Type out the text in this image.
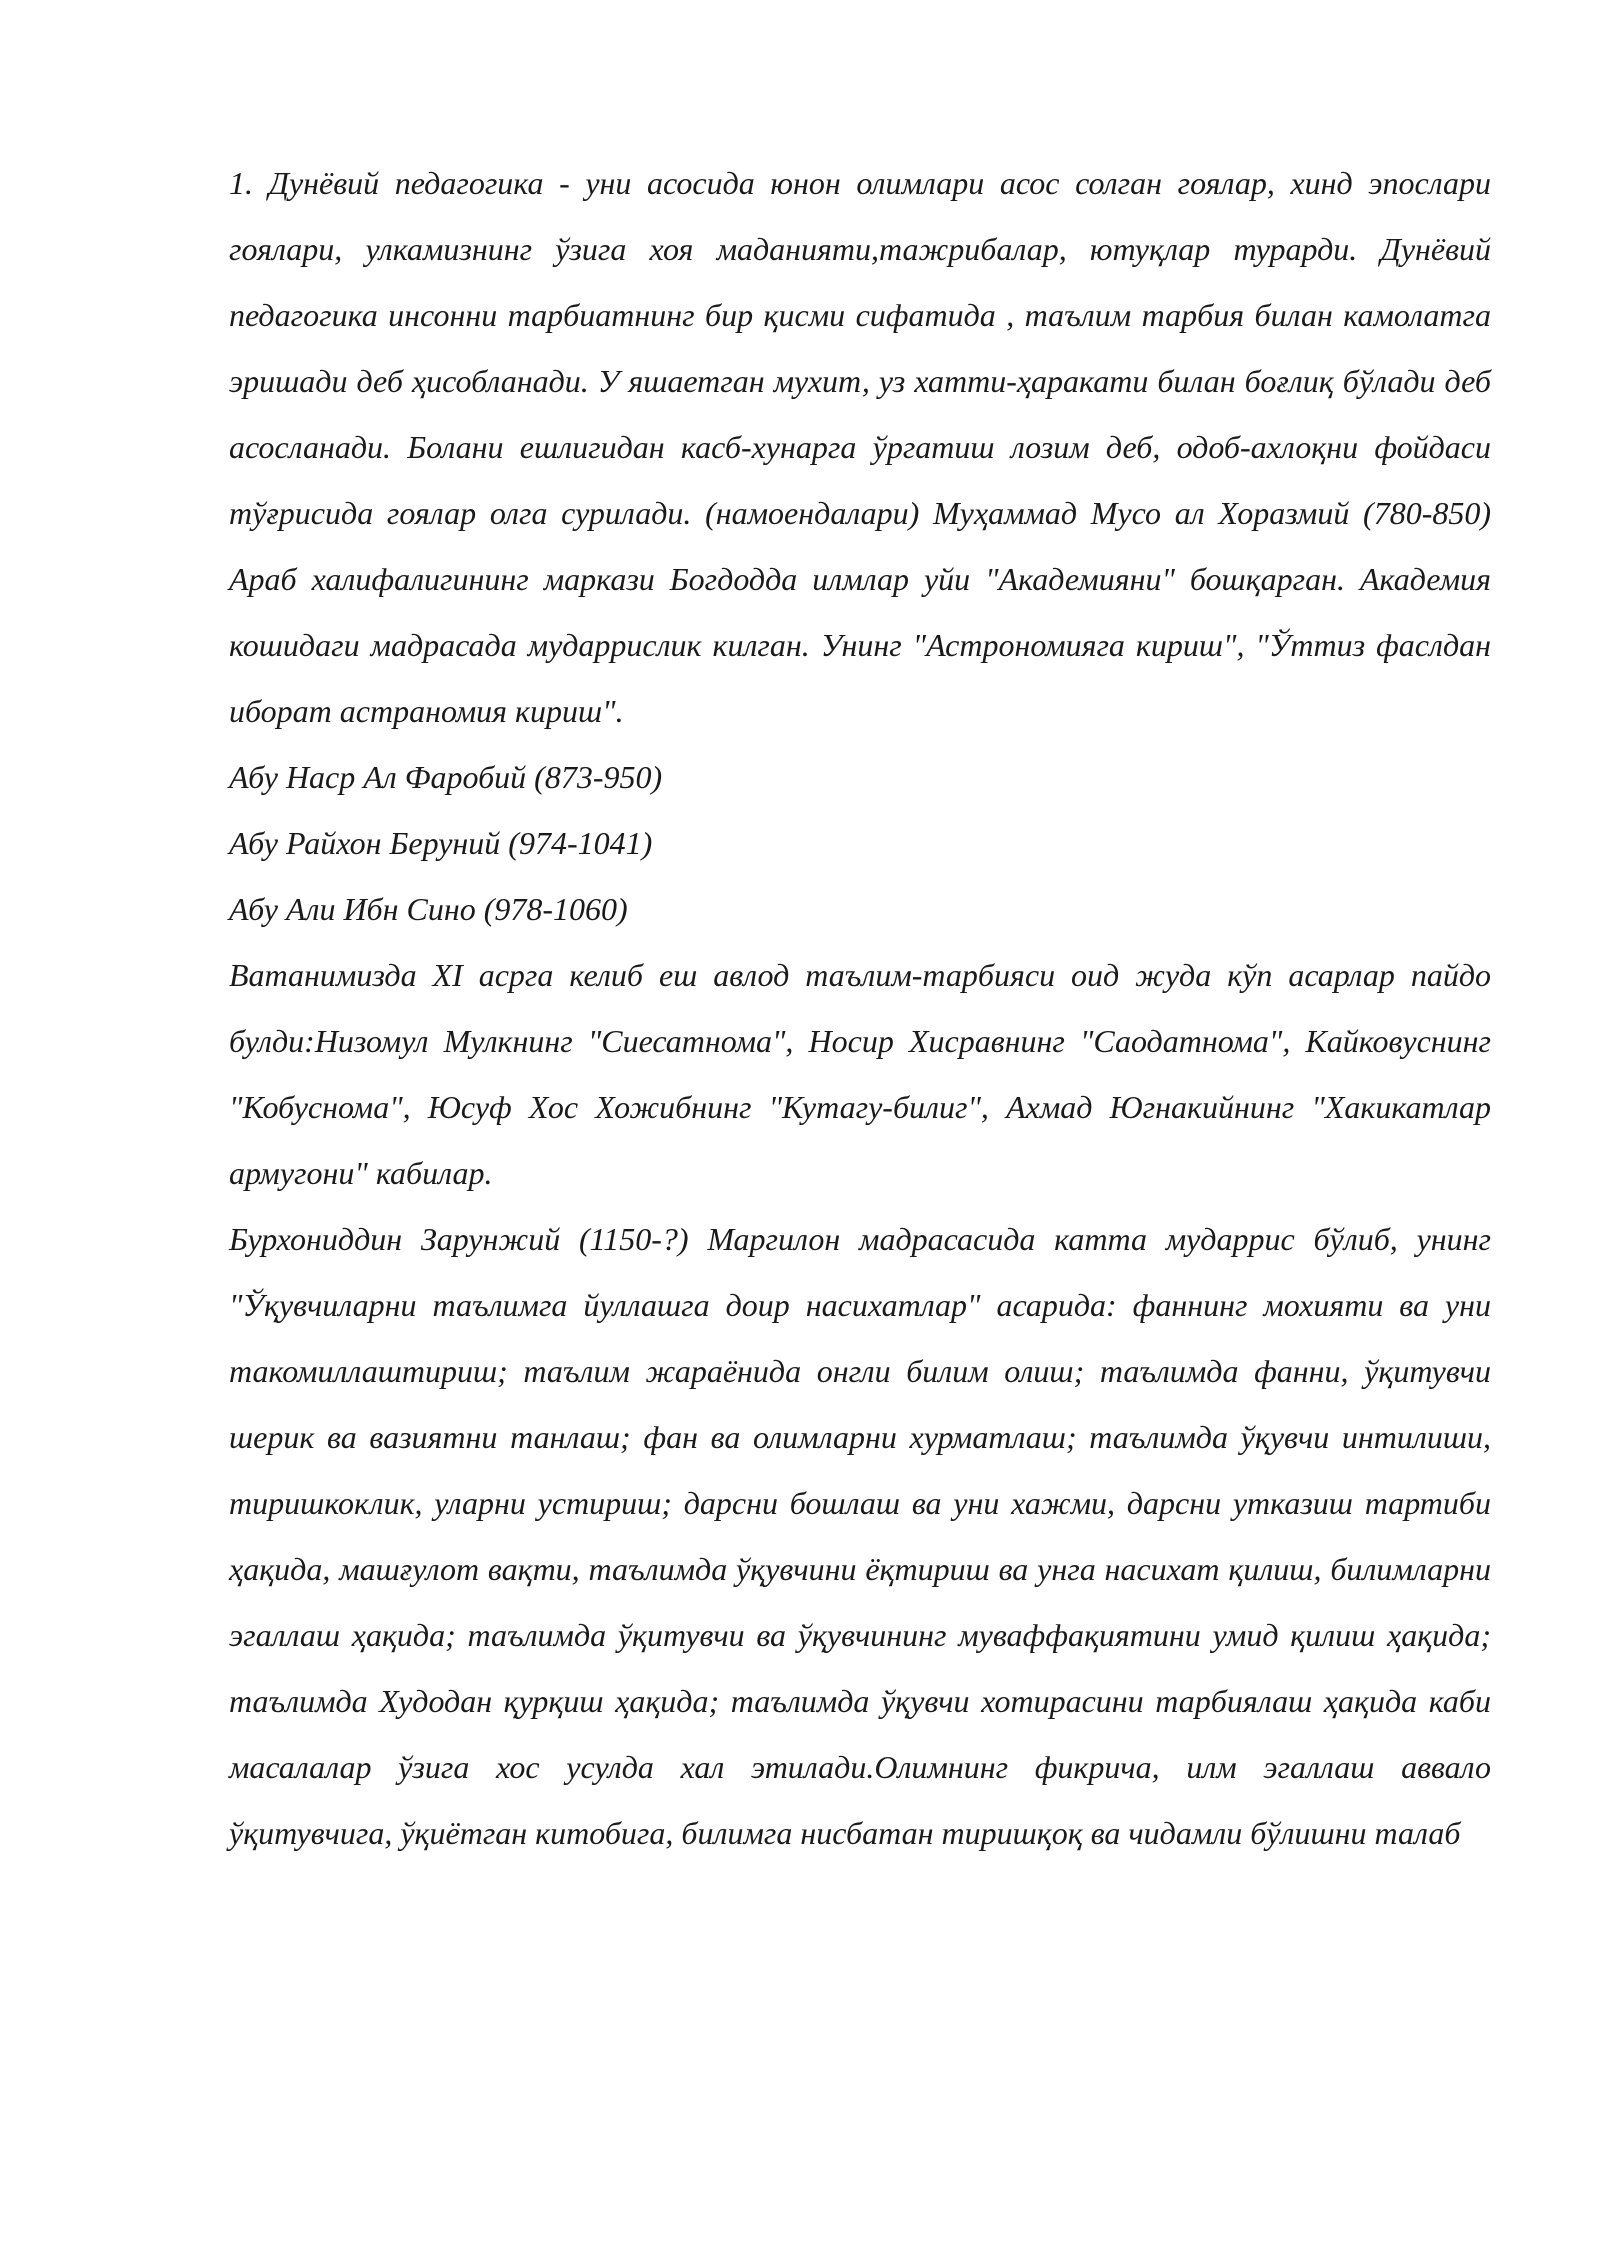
1. Дунёвий педагогика - уни асосида юнон олимлари асос солган гоялар, хинд эпослари гоялари, улкамизнинг ўзига хоя маданияти,тажрибалар, ютуқлар турарди. Дунёвий педагогика инсонни тарбиатнинг бир қисми сифатида , таълим тарбия билан камолатга эришади деб ҳисобланади. У яшаетган мухит, уз хатти-ҳаракати билан боғлиқ бўлади деб асосланади. Болани ешлигидан касб-хунарга ўргатиш лозим деб, одоб-ахлоқни фойдаси тўғрисида гоялар олга сурилади. (намоендалари) Муҳаммад Мусо ал Хоразмий (780-850) Араб халифалигининг маркази Богдодда илмлар уйи "Академияни" бошқарган. Академия кошидаги мадрасада мударрислик килган. Унинг "Астрономияга кириш", "Ўттиз фаслдан иборат астраномия кириш".

Абу Наср Ал Фаробий (873-950)

Абу Райхон Беруний (974-1041)

Абу Али Ибн Сино (978-1060)

Ватанимизда XI асрга келиб еш авлод таълим-тарбияси оид жуда кўп асарлар пайдо булди:Низомул Мулкнинг "Сиесатнома", Носир Хисравнинг "Саодатнома", Кайковуснинг "Кобуснома", Юсуф Хос Хожибнинг "Кутагу-билиг", Ахмад Югнакийнинг "Хакикатлар армугони" кабилар.

Бурхониддин Зарунжий (1150-?) Маргилон мадрасасида катта мударрис бўлиб, унинг "Ўқувчиларни таълимга йуллашга доир насихатлар" асарида: фаннинг мохияти ва уни такомиллаштириш; таълим жараёнида онгли билим олиш; таълимда фанни, ўқитувчи шерик ва вазиятни танлаш; фан ва олимларни хурматлаш; таълимда ўқувчи интилиши, тиришкоклик, уларни устириш; дарсни бошлаш ва уни хажми, дарсни утказиш тартиби ҳақида, машғулот вақти, таълимда ўқувчини ёқтириш ва унга насихат қилиш, билимларни эгаллаш ҳақида; таълимда ўқитувчи ва ўқувчининг муваффақиятини умид қилиш ҳақида; таълимда Худодан қурқиш ҳақида; таълимда ўқувчи хотирасини тарбиялаш ҳақида каби масалалар ўзига хос усулда хал этилади.Олимнинг фикрича, илм эгаллаш аввало ўқитувчига, ўқиётган китобига, билимга нисбатан тиришқоқ ва чидамли бўлишни талаб
